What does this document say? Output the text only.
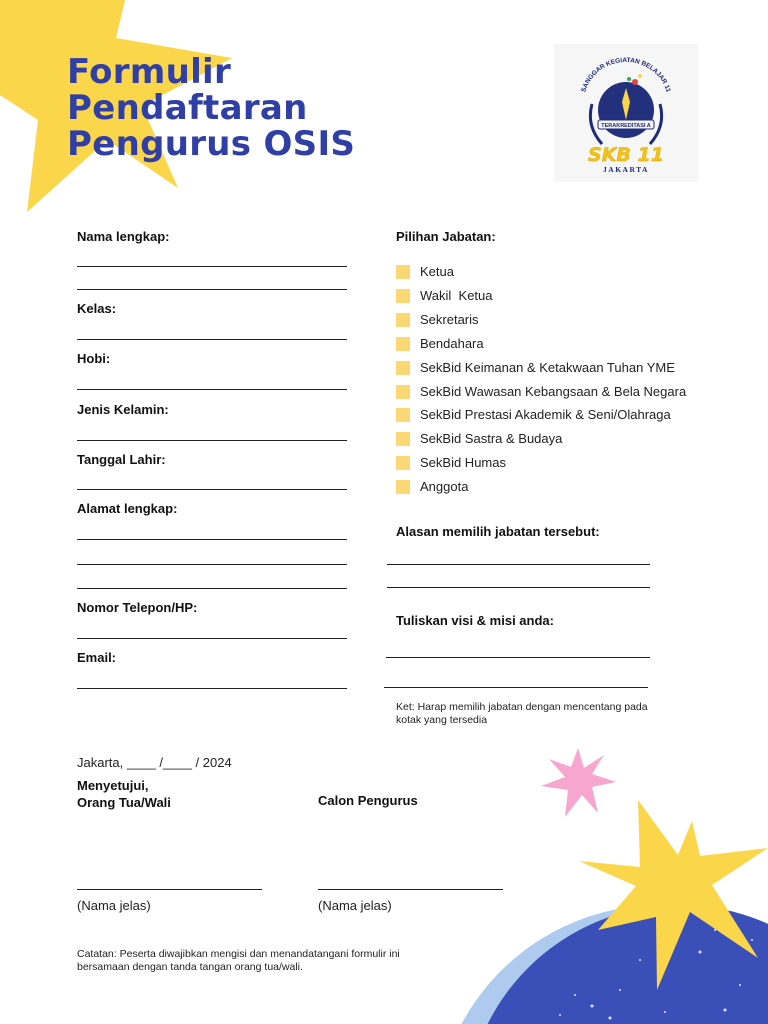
Formulir
Pendaftaran
Pengurus OSIS
SANGGAR KEGIATAN BELAJAR 11
TERAKREDITASI A
SKB 11
JAKARTA
Nama lengkap:
Kelas:
Hobi:
Jenis Kelamin:
Tanggal Lahir:
Alamat lengkap:
Nomor Telepon/HP:
Email:
Pilihan Jabatan:
Ketua
Wakil  Ketua
Sekretaris
Bendahara
SekBid Keimanan & Ketakwaan Tuhan YME
SekBid Wawasan Kebangsaan & Bela Negara
SekBid Prestasi Akademik & Seni/Olahraga
SekBid Sastra & Budaya
SekBid Humas
Anggota
Alasan memilih jabatan tersebut:
Tuliskan visi & misi anda:
Ket: Harap memilih jabatan dengan mencentang pada kotak yang tersedia
Jakarta, ____ /____ / 2024
Menyetujui,
Orang Tua/Wali	Calon Pengurus
(Nama jelas)	(Nama jelas)
Catatan: Peserta diwajibkan mengisi dan menandatangani formulir ini bersamaan dengan tanda tangan orang tua/wali.
